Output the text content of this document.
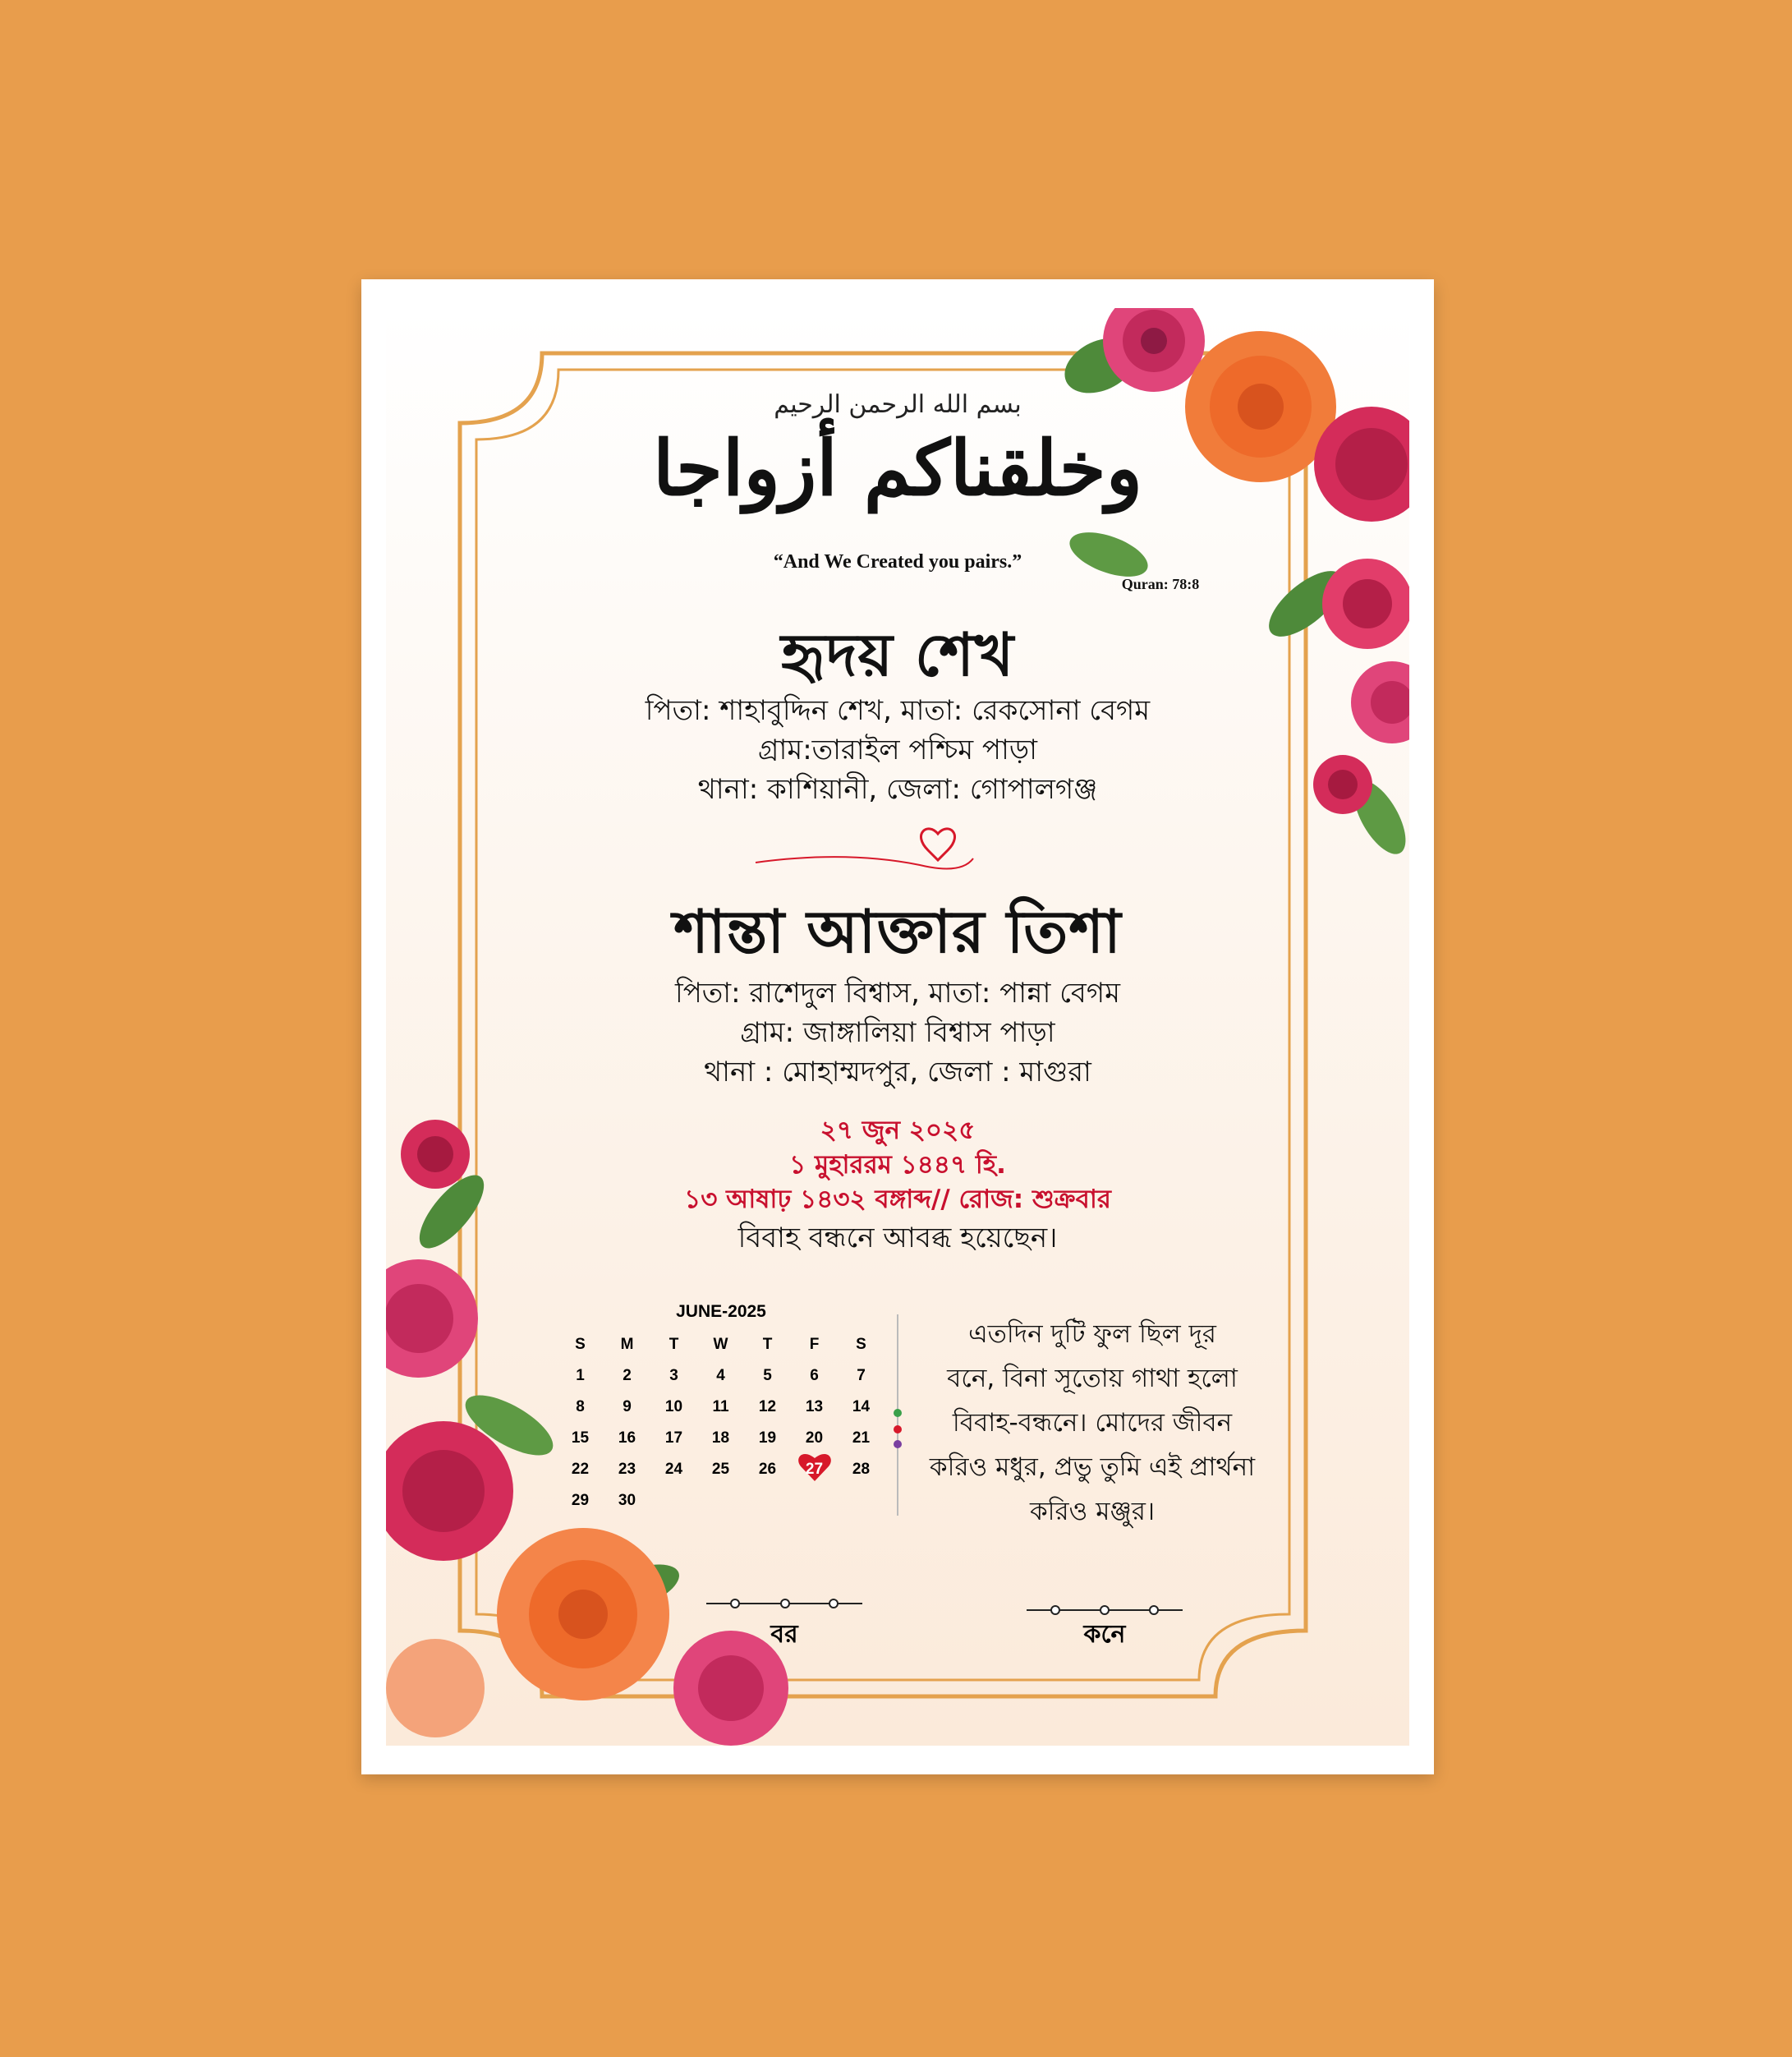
بسم الله الرحمن الرحيم
وخلقناكم أزواجا
“And We Created you pairs.”
Quran: 78:8
হৃদয় শেখ
পিতা: শাহাবুদ্দিন শেখ, মাতা: রেকসোনা বেগম
গ্রাম:তারাইল পশ্চিম পাড়া
থানা: কাশিয়ানী, জেলা: গোপালগঞ্জ
শান্তা আক্তার তিশা
পিতা: রাশেদুল বিশ্বাস, মাতা: পান্না বেগম
গ্রাম: জাঙ্গালিয়া বিশ্বাস পাড়া
থানা : মোহাম্মদপুর, জেলা : মাগুরা
২৭ জুন ২০২৫
১ মুহাররম ১৪৪৭ হি.
১৩ আষাঢ় ১৪৩২ বঙ্গাব্দ// রোজ: শুক্রবার
বিবাহ বন্ধনে আবব্ধ হয়েছেন।
JUNE-2025
S	M	T	W	T	F	S
1	2	3	4	5	6	7
8	9	10	11	12	13	14
15	16	17	18	19	20	21
22	23	24	25	26	27	28
29	30
এতদিন দুটি ফুল ছিল দূর
বনে, বিনা সূতোয় গাথা হলো
বিবাহ-বন্ধনে। মোদের জীবন
করিও মধুর, প্রভু তুমি এই প্রার্থনা
করিও মঞ্জুর।
বর	কনে
